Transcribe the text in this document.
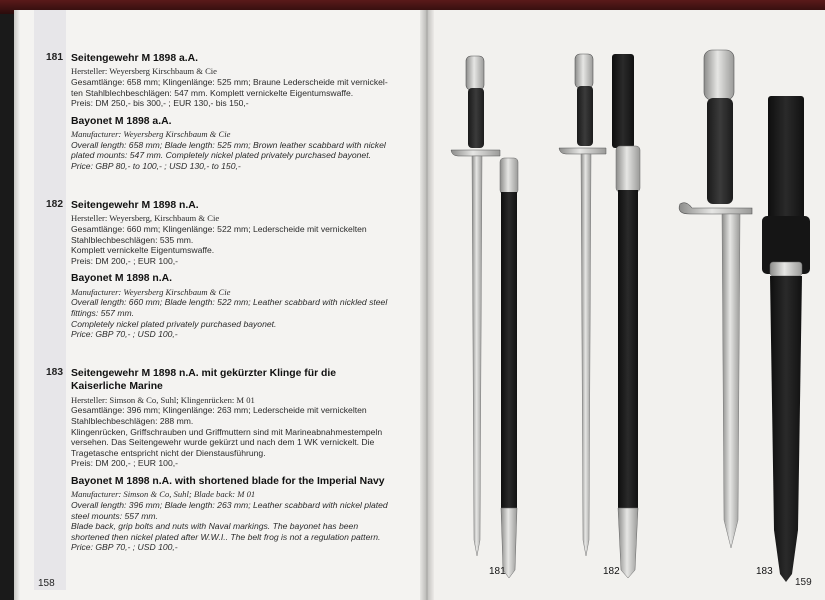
181 Seitengewehr M 1898 a.A.
Hersteller: Weyersberg Kirschbaum & Cie
Gesamtlänge: 658 mm; Klingenlänge: 525 mm; Braune Lederscheide mit vernickel-
ten Stahlblechbeschlägen: 547 mm. Komplett vernickelte Eigentumswaffe.
Preis: DM 250,- bis 300,- ; EUR 130,- bis 150,-
Bayonet M 1898 a.A.
Manufacturer: Weyersberg Kirschbaum & Cie
Overall length: 658 mm; Blade length: 525 mm; Brown leather scabbard with nickel
plated mounts: 547 mm. Completely nickel plated privately purchased bayonet.
Price: GBP 80,- to 100,- ; USD 130,- to 150,-
182 Seitengewehr M 1898 n.A.
Hersteller: Weyersberg, Kirschbaum & Cie
Gesamtlänge: 660 mm; Klingenlänge: 522 mm; Lederscheide mit vernickelten
Stahlblechbeschlägen: 535 mm.
Komplett vernickelte Eigentumswaffe.
Preis: DM 200,- ; EUR 100,-
Bayonet M 1898 n.A.
Manufacturer: Weyersberg Kirschbaum & Cie
Overall length: 660 mm; Blade length: 522 mm; Leather scabbard with nickled steel
fittings: 557 mm.
Completely nickel plated privately purchased bayonet.
Price: GBP 70,- ; USD 100,-
183 Seitengewehr M 1898 n.A. mit gekürzter Klinge für die
Kaiserliche Marine
Hersteller: Simson & Co, Suhl; Klingenrücken: M 01
Gesamtlänge: 396 mm; Klingenlänge: 263 mm; Lederscheide mit vernickelten
Stahlblechbeschlägen: 288 mm.
Klingenrücken, Griffschrauben und Griffmuttern sind mit Marineabnahmestempeln
versehen. Das Seitengewehr wurde gekürzt und nach dem 1 WK vernickelt. Die
Tragetasche entspricht nicht der Dienstausführung.
Preis: DM 200,- ; EUR 100,-
Bayonet M 1898 n.A. with shortened blade for the Imperial Navy
Manufacturer: Simson & Co, Suhl; Blade back: M 01
Overall length: 396 mm; Blade length: 263 mm; Leather scabbard with nickel plated
steel mounts: 557 mm.
Blade back, grip bolts and nuts with Naval markings. The bayonet has been
shortened then nickel plated after W.W.I.. The belt frog is not a regulation pattern.
Price: GBP 70,- ; USD 100,-
158
181	182	183
159
